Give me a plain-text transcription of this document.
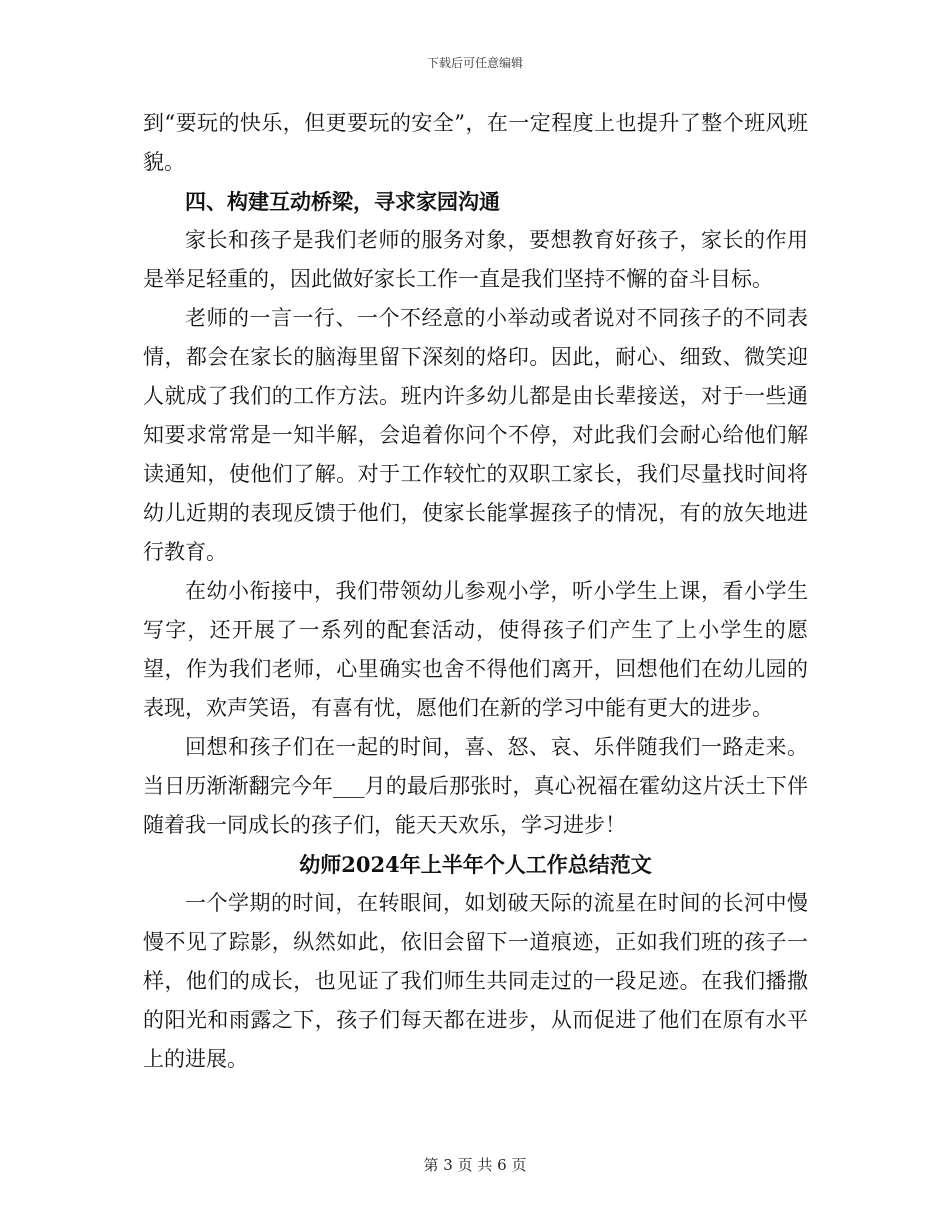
下载后可任意编辑

到“要玩的快乐，但更要玩的安全”，在一定程度上也提升了整个班风班貌。

四、构建互动桥梁，寻求家园沟通

家长和孩子是我们老师的服务对象，要想教育好孩子，家长的作用是举足轻重的，因此做好家长工作一直是我们坚持不懈的奋斗目标。

老师的一言一行、一个不经意的小举动或者说对不同孩子的不同表情，都会在家长的脑海里留下深刻的烙印。因此，耐心、细致、微笑迎人就成了我们的工作方法。班内许多幼儿都是由长辈接送，对于一些通知要求常常是一知半解，会追着你问个不停，对此我们会耐心给他们解读通知，使他们了解。对于工作较忙的双职工家长，我们尽量找时间将幼儿近期的表现反馈于他们，使家长能掌握孩子的情况，有的放矢地进行教育。

在幼小衔接中，我们带领幼儿参观小学，听小学生上课，看小学生写字，还开展了一系列的配套活动，使得孩子们产生了上小学生的愿望，作为我们老师，心里确实也舍不得他们离开，回想他们在幼儿园的表现，欢声笑语，有喜有忧，愿他们在新的学习中能有更大的进步。

回想和孩子们在一起的时间，喜、怒、哀、乐伴随我们一路走来。当日历渐渐翻完今年___月的最后那张时，真心祝福在霍幼这片沃土下伴随着我一同成长的孩子们，能天天欢乐，学习进步！

幼师2024年上半年个人工作总结范文

一个学期的时间，在转眼间，如划破天际的流星在时间的长河中慢慢不见了踪影，纵然如此，依旧会留下一道痕迹，正如我们班的孩子一样，他们的成长，也见证了我们师生共同走过的一段足迹。在我们播撒的阳光和雨露之下，孩子们每天都在进步，从而促进了他们在原有水平上的进展。

第 3 页 共 6 页
